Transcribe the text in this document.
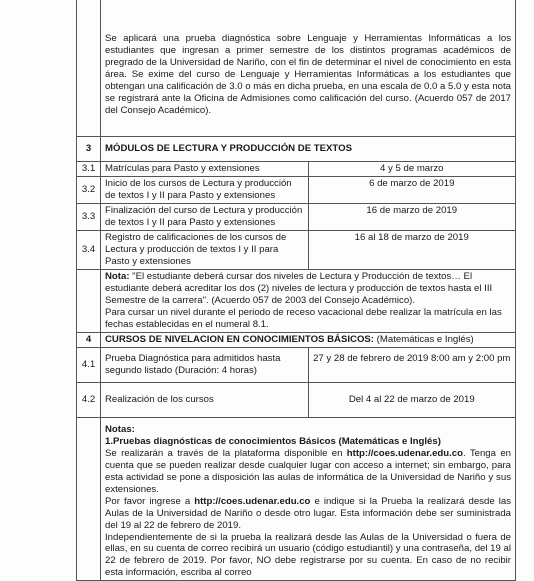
	Se aplicará una prueba diagnóstica sobre Lenguaje y Herramientas Informáticas a los estudiantes que ingresan a primer semestre de los distintos programas académicos de pregrado de la Universidad de Nariño, con el fin de determinar el nivel de conocimiento en esta área. Se exime del curso de Lenguaje y Herramientas Informáticas a los estudiantes que obtengan una calificación de 3.0 o más en dicha prueba, en una escala de 0.0 a 5.0 y esta nota se registrará ante la Oficina de Admisiones como calificación del curso. (Acuerdo 057 de 2017 del Consejo Académico).	
3	MÓDULOS DE LECTURA Y PRODUCCIÓN DE TEXTOS	
3.1	Matrículas para Pasto y extensiones	4 y 5 de marzo
3.2	Inicio de los cursos de Lectura y producción de textos I y II para Pasto y extensiones	6 de marzo de 2019
3.3	Finalización del curso de Lectura y producción de textos I y II para Pasto y extensiones	16 de marzo de 2019
3.4	Registro de calificaciones de los cursos de Lectura y producción de textos I y II para Pasto y extensiones	16 al 18 de marzo de 2019
	Nota: "El estudiante deberá cursar dos niveles de Lectura y Producción de textos… El estudiante deberá acreditar los dos (2) niveles de lectura y producción de textos hasta el III Semestre de la carrera". (Acuerdo 057 de 2003 del Consejo Académico).
Para cursar un nivel durante el periodo de receso vacacional debe realizar la matrícula en las fechas establecidas en el numeral 8.1.	

4	CURSOS DE NIVELACION EN CONOCIMIENTOS BÁSICOS: (Matemáticas e Inglés)	
4.1	Prueba Diagnóstica para admitidos hasta segundo listado (Duración: 4 horas)	27 y 28 de febrero de 2019 8:00 am y 2:00 pm
4.2	Realización de los cursos	Del 4 al 22 de marzo de 2019

	Notas:

1.Pruebas diagnósticas de conocimientos Básicos (Matemáticas e Inglés)

Se realizarán a través de la plataforma disponible en http://coes.udenar.edu.co. Tenga en cuenta que se pueden realizar desde cualquier lugar con acceso a internet; sin embargo, para esta actividad se pone a disposición las aulas de informática de la Universidad de Nariño y sus extensiones.

Por favor ingrese a http://coes.udenar.edu.co e indique si la Prueba la realizará desde las Aulas de la Universidad de Nariño o desde otro lugar. Esta información debe ser suministrada del 19 al 22 de febrero de 2019.

Independientemente de si la prueba la realizará desde las Aulas de la Universidad o fuera de ellas, en su cuenta de correo recibirá un usuario (código estudiantil) y una contraseña, del 19 al 22 de febrero de 2019. Por favor, NO debe registrarse por su cuenta. En caso de no recibir esta información, escriba al correo	
